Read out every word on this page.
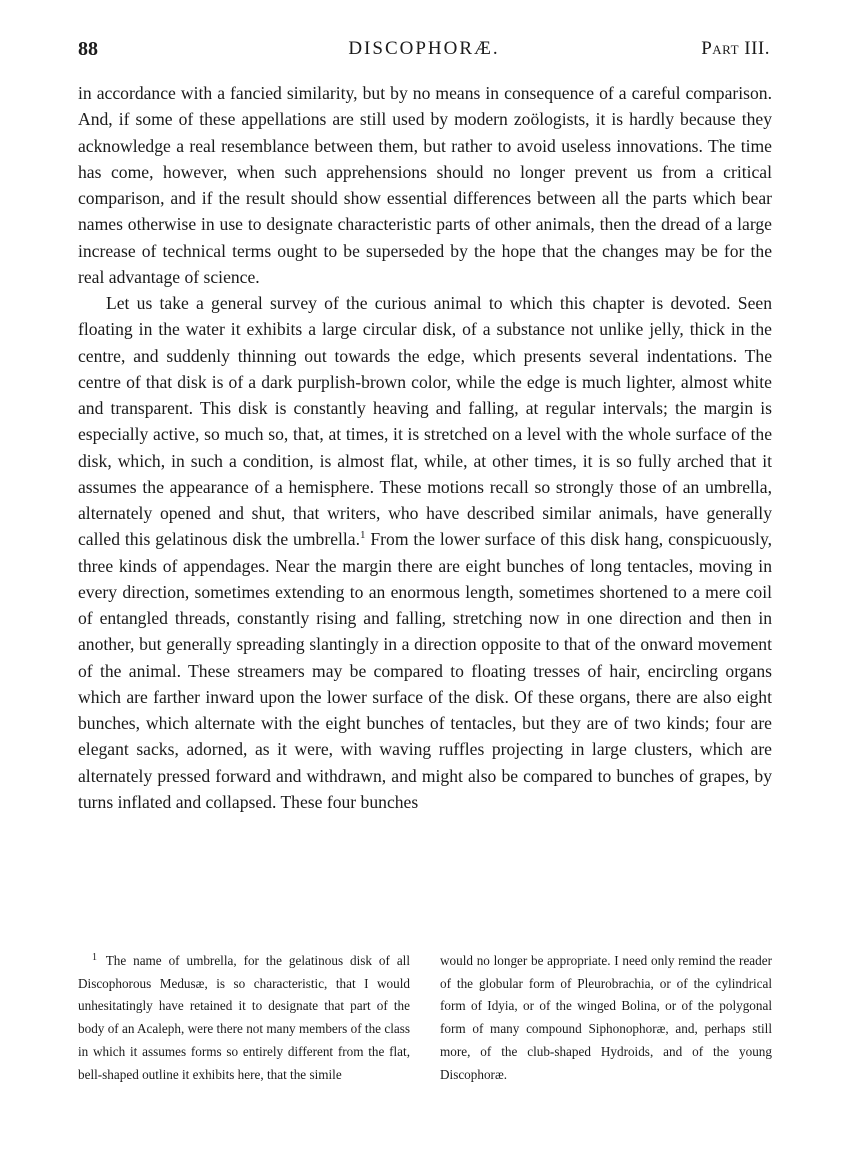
88	DISCOPHORÆ.	Part III.

in accordance with a fancied similarity, but by no means in consequence of a careful comparison. And, if some of these appellations are still used by modern zoölogists, it is hardly because they acknowledge a real resemblance between them, but rather to avoid useless innovations. The time has come, however, when such apprehensions should no longer prevent us from a critical comparison, and if the result should show essential differences between all the parts which bear names otherwise in use to designate characteristic parts of other animals, then the dread of a large increase of technical terms ought to be superseded by the hope that the changes may be for the real advantage of science.

Let us take a general survey of the curious animal to which this chapter is devoted. Seen floating in the water it exhibits a large circular disk, of a substance not unlike jelly, thick in the centre, and suddenly thinning out towards the edge, which presents several indentations. The centre of that disk is of a dark purplish-brown color, while the edge is much lighter, almost white and transparent. This disk is constantly heaving and falling, at regular intervals; the margin is especially active, so much so, that, at times, it is stretched on a level with the whole surface of the disk, which, in such a condition, is almost flat, while, at other times, it is so fully arched that it assumes the appearance of a hemisphere. These motions recall so strongly those of an umbrella, alternately opened and shut, that writers, who have described similar animals, have generally called this gelatinous disk the umbrella.$^1$ From the lower surface of this disk hang, conspicuously, three kinds of appendages. Near the margin there are eight bunches of long tentacles, moving in every direction, sometimes extending to an enormous length, sometimes shortened to a mere coil of entangled threads, constantly rising and falling, stretching now in one direction and then in another, but generally spreading slantingly in a direction opposite to that of the onward movement of the animal. These streamers may be compared to floating tresses of hair, encircling organs which are farther inward upon the lower surface of the disk. Of these organs, there are also eight bunches, which alternate with the eight bunches of tentacles, but they are of two kinds; four are elegant sacks, adorned, as it were, with waving ruffles projecting in large clusters, which are alternately pressed forward and withdrawn, and might also be compared to bunches of grapes, by turns inflated and collapsed. These four bunches

$^1$ The name of umbrella, for the gelatinous disk of all Discophorous Medusæ, is so characteristic, that I would unhesitatingly have retained it to designate that part of the body of an Acaleph, were there not many members of the class in which it assumes forms so entirely different from the flat, bell-shaped outline it exhibits here, that the simile

would no longer be appropriate. I need only remind the reader of the globular form of Pleurobrachia, or of the cylindrical form of Idyia, or of the winged Bolina, or of the polygonal form of many compound Siphonophoræ, and, perhaps still more, of the club-shaped Hydroids, and of the young Discophoræ.
